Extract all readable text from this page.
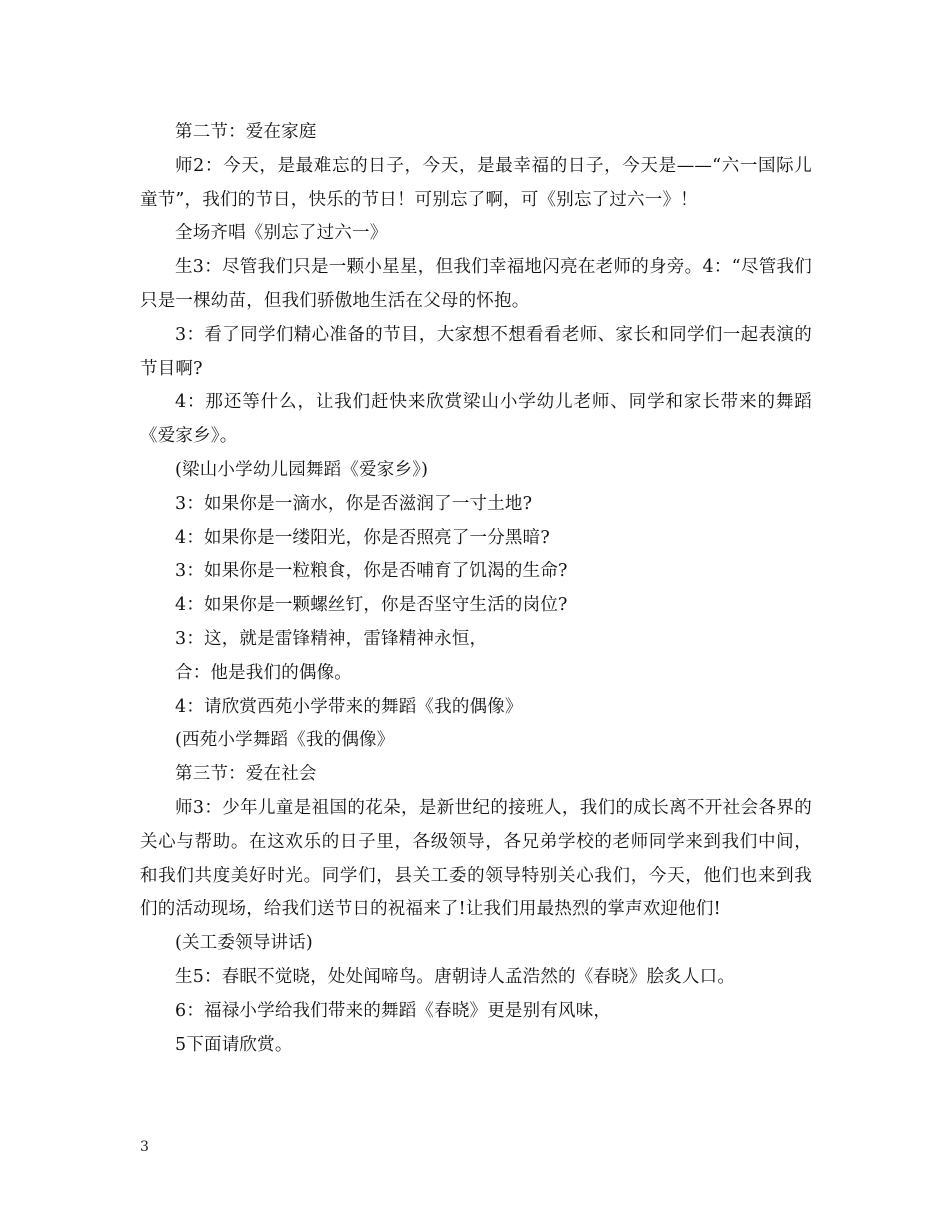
第二节：爱在家庭

师2：今天，是最难忘的日子，今天，是最幸福的日子，今天是——“六一国际儿童节”，我们的节日，快乐的节日！可别忘了啊，可《别忘了过六一》！

全场齐唱《别忘了过六一》

生3：尽管我们只是一颗小星星，但我们幸福地闪亮在老师的身旁。4：“尽管我们只是一棵幼苗，但我们骄傲地生活在父母的怀抱。

3：看了同学们精心准备的节目，大家想不想看看老师、家长和同学们一起表演的节目啊?

4：那还等什么，让我们赶快来欣赏梁山小学幼儿老师、同学和家长带来的舞蹈《爱家乡》。

(梁山小学幼儿园舞蹈《爱家乡》)

3：如果你是一滴水，你是否滋润了一寸土地?

4：如果你是一缕阳光，你是否照亮了一分黑暗?

3：如果你是一粒粮食，你是否哺育了饥渴的生命?

4：如果你是一颗螺丝钉，你是否坚守生活的岗位?

3：这，就是雷锋精神，雷锋精神永恒，

合：他是我们的偶像。

4：请欣赏西苑小学带来的舞蹈《我的偶像》

(西苑小学舞蹈《我的偶像》

第三节：爱在社会

师3：少年儿童是祖国的花朵，是新世纪的接班人，我们的成长离不开社会各界的关心与帮助。在这欢乐的日子里，各级领导，各兄弟学校的老师同学来到我们中间，和我们共度美好时光。同学们，县关工委的领导特别关心我们，今天，他们也来到我们的活动现场，给我们送节日的祝福来了!让我们用最热烈的掌声欢迎他们!

(关工委领导讲话)

生5：春眠不觉晓，处处闻啼鸟。唐朝诗人孟浩然的《春晓》脍炙人口。

6：福禄小学给我们带来的舞蹈《春晓》更是别有风味，

5下面请欣赏。

3
